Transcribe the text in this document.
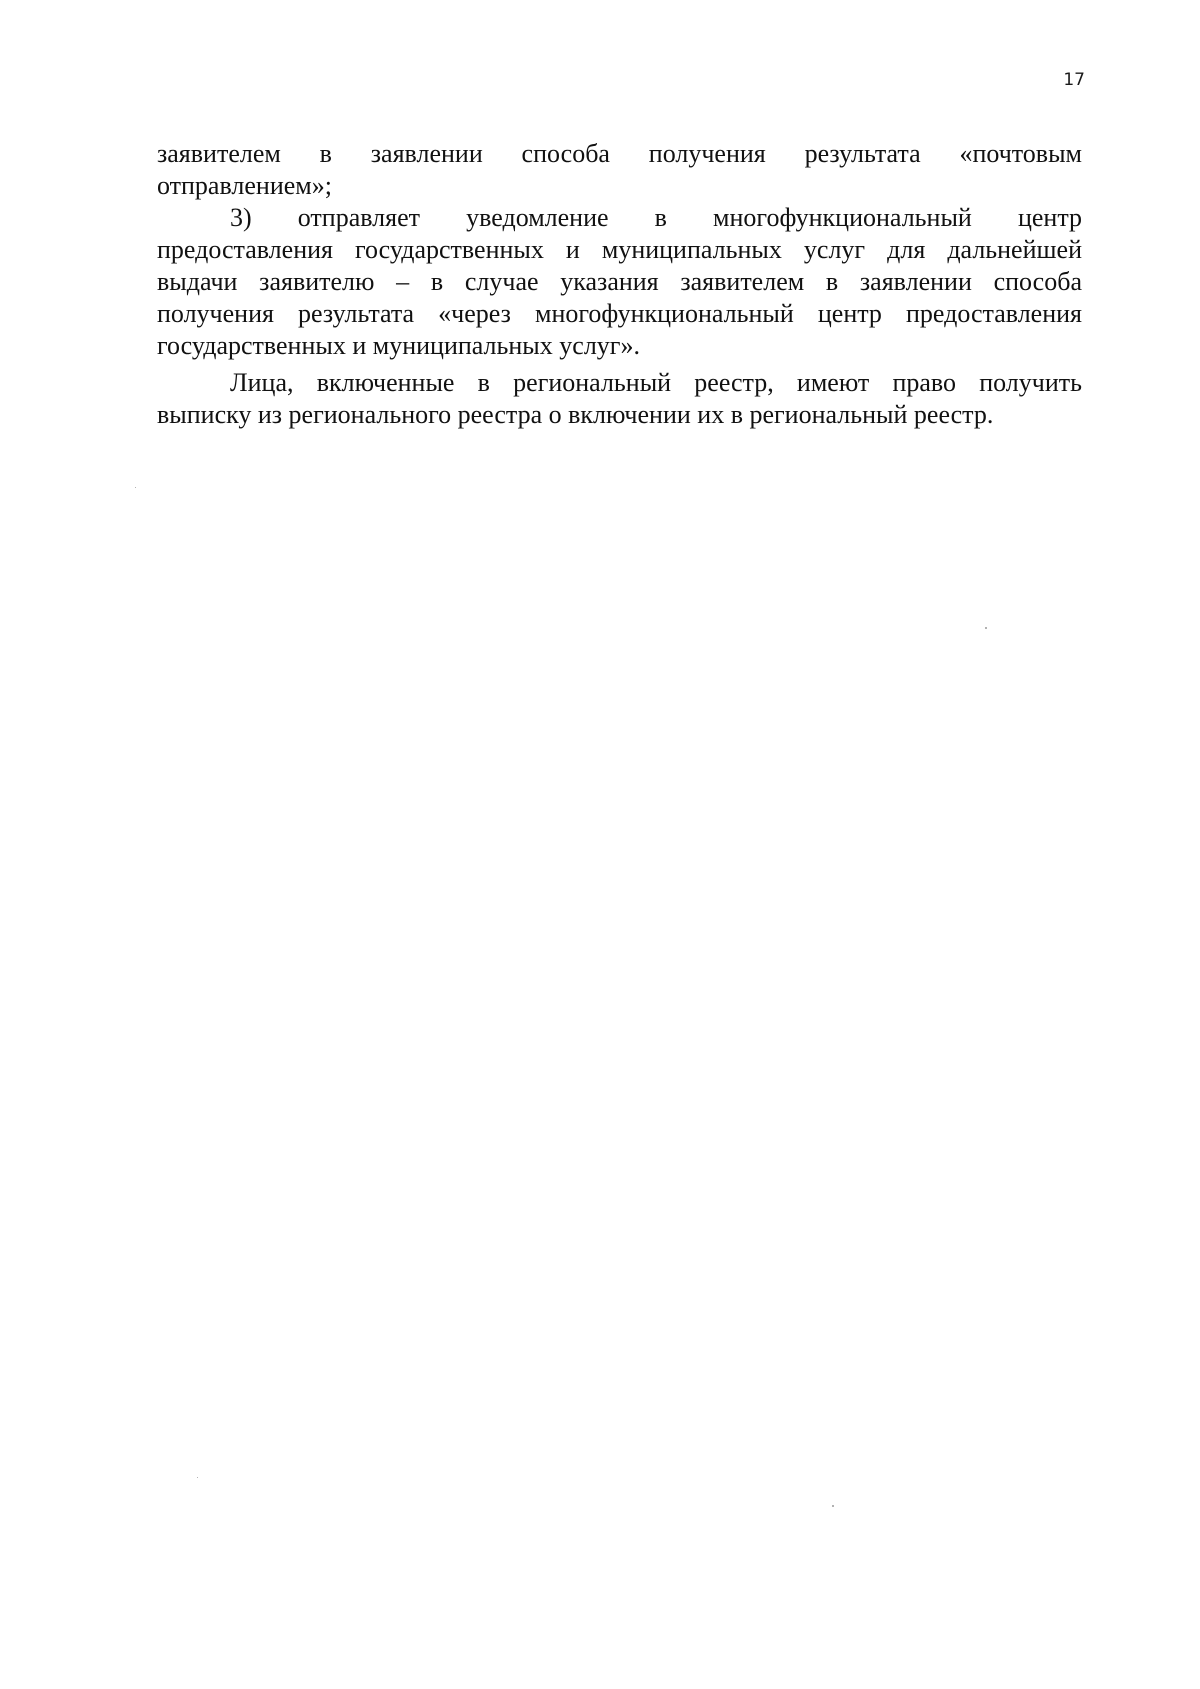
17
заявителем в заявлении способа получения результата «почтовым
отправлением»;
3) отправляет уведомление в многофункциональный центр
предоставления государственных и муниципальных услуг для дальнейшей
выдачи заявителю – в случае указания заявителем в заявлении способа
получения результата «через многофункциональный центр предоставления
государственных и муниципальных услуг».
Лица, включенные в региональный реестр, имеют право получить
выписку из регионального реестра о включении их в региональный реестр.
